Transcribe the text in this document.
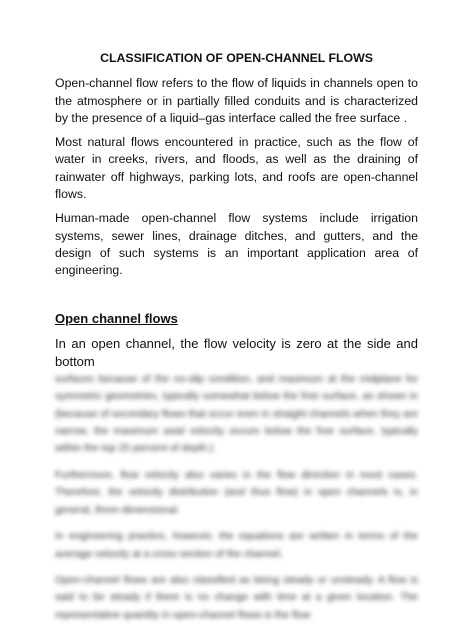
CLASSIFICATION OF OPEN-CHANNEL FLOWS

Open-channel flow refers to the flow of liquids in channels open to the atmosphere or in partially filled conduits and is characterized by the presence of a liquid–gas interface called the free surface .

Most natural flows encountered in practice, such as the flow of water in creeks, rivers, and floods, as well as the draining of rainwater off highways, parking lots, and roofs are open-channel flows.

Human-made open-channel flow systems include irrigation systems, sewer lines, drainage ditches, and gutters, and the design of such systems is an important application area of engineering.

Open channel flows

In an open channel, the flow velocity is zero at the side and bottom

surfaces because of the no-slip condition, and maximum at the midplane for symmetric geometries, typically somewhat below the free surface, as shown in (because of secondary flows that occur even in straight channels when they are narrow, the maximum axial velocity occurs below the free surface, typically within the top 25 percent of depth.)

Furthermore, flow velocity also varies in the flow direction in most cases. Therefore, the velocity distribution (and thus flow) in open channels is, in general, three-dimensional.

In engineering practice, however, the equations are written in terms of the average velocity at a cross section of the channel.

Open-channel flows are also classified as being steady or unsteady. A flow is said to be steady if there is no change with time at a given location. The representative quantity in open-channel flows is the flow
